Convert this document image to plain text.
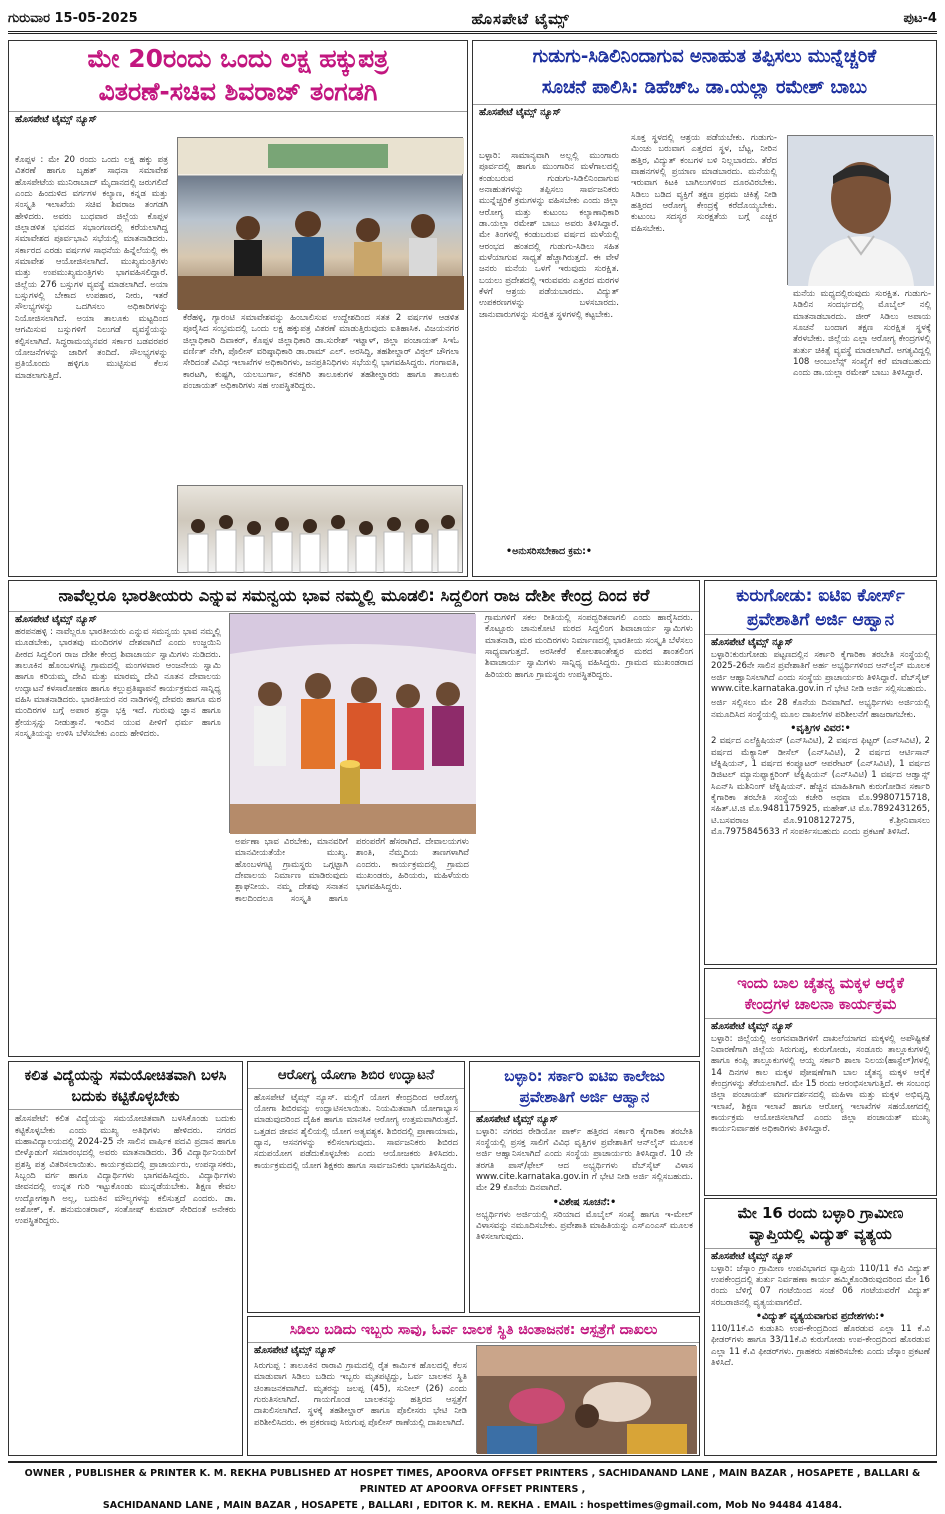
ಗುರುವಾರ 15-05-2025	ಹೊಸಪೇಟೆ ಟೈಮ್ಸ್	ಪುಟ-4
ಮೇ 20ರಂದು ಒಂದು ಲಕ್ಷ ಹಕ್ಕುಪತ್ರ
ವಿತರಣೆ-ಸಚಿವ ಶಿವರಾಜ್ ತಂಗಡಗಿ
ಹೊಸಪೇಟೆ ಟೈಮ್ಸ್ ನ್ಯೂಸ್
ಕೊಪ್ಪಳ : ಮೇ 20 ರಂದು ಒಂದು ಲಕ್ಷ ಹಕ್ಕು ಪತ್ರ ವಿತರಣೆ ಹಾಗೂ ಬೃಹತ್ ಸಾಧನಾ ಸಮಾವೇಶ ಹೊಸಪೇಟೆಯ ಮುನಿರಾಬಾದ್ ಮೈದಾನದಲ್ಲಿ ಜರುಗಲಿದೆ ಎಂದು ಹಿಂದುಳಿದ ವರ್ಗಗಳ ಕಲ್ಯಾಣ, ಕನ್ನಡ ಮತ್ತು ಸಂಸ್ಕೃತಿ ಇಲಾಖೆಯ ಸಚಿವ ಶಿವರಾಜ ತಂಗಡಗಿ ಹೇಳಿದರು. ಅವರು ಬುಧವಾರ ಜಿಲ್ಲೆಯ ಕೊಪ್ಪಳ ಜಿಲ್ಲಾಡಳಿತ ಭವನದ ಸಭಾಂಗಣದಲ್ಲಿ ಕರೆಯಲಾಗಿದ್ದ ಸಮಾವೇಶದ ಪೂರ್ವಭಾವಿ ಸಭೆಯಲ್ಲಿ ಮಾತನಾಡಿದರು. ಸರ್ಕಾರದ ಎರಡು ವರ್ಷಗಳ ಸಾಧನೆಯ ಹಿನ್ನೆಲೆಯಲ್ಲಿ ಈ ಸಮಾವೇಶ ಆಯೋಜಿಸಲಾಗಿದೆ. ಮುಖ್ಯಮಂತ್ರಿಗಳು ಮತ್ತು ಉಪಮುಖ್ಯಮಂತ್ರಿಗಳು ಭಾಗವಹಿಸಲಿದ್ದಾರೆ. ಜಿಲ್ಲೆಯ 276 ಬಸ್ಸುಗಳ ವ್ಯವಸ್ಥೆ ಮಾಡಲಾಗಿದೆ. ಅಯಾ ಬಸ್ಸುಗಳಲ್ಲಿ ಬೇಕಾದ ಉಪಹಾರ, ನೀರು, ಇತರೆ ಸೌಲಭ್ಯಗಳನ್ನು ಒದಗಿಸಲು ಅಧಿಕಾರಿಗಳನ್ನು ನಿಯೋಜಿಸಲಾಗಿದೆ. ಅಯಾ ತಾಲೂಕು ಮಟ್ಟದಿಂದ ಆಗಮಿಸುವ ಬಸ್ಸುಗಳಿಗೆ ನಿಲುಗಡೆ ವ್ಯವಸ್ಥೆಯನ್ನು ಕಲ್ಪಿಸಲಾಗಿದೆ. ಸಿದ್ಧರಾಮಯ್ಯನವರ ಸರ್ಕಾರ ಬಡವರಪರ ಯೋಜನೆಗಳನ್ನು ಜಾರಿಗೆ ತಂದಿದೆ. ಸೌಲಭ್ಯಗಳನ್ನು ಪ್ರತಿಯೊಂದು ಹಳ್ಳಿಗೂ ಮುಟ್ಟಿಸುವ ಕೆಲಸ ಮಾಡಲಾಗುತ್ತಿದೆ.
ಕೆರೆಹಳ್ಳಿ, ಗ್ಯಾರಂಟಿ ಸಮಾವೇಶವನ್ನು ಹಿಂಬಾಲಿಸುವ ಉದ್ದೇಶದಿಂದ ಸತತ 2 ವರ್ಷಗಳ ಆಡಳಿತ ಪೂರೈಸಿದ ಸಂಭ್ರಮದಲ್ಲಿ ಒಂದು ಲಕ್ಷ ಹಕ್ಕುಪತ್ರ ವಿತರಣೆ ಮಾಡುತ್ತಿರುವುದು ಐತಿಹಾಸಿಕ. ವಿಜಯನಗರ ಜಿಲ್ಲಾಧಿಕಾರಿ ದಿವಾಕರ್, ಕೊಪ್ಪಳ ಜಿಲ್ಲಾಧಿಕಾರಿ ಡಾ.ಸುರೇಶ್ ಇಟ್ನಾಳ್, ಜಿಲ್ಲಾ ಪಂಚಾಯತ್ ಸಿಇಓ ವರ್ಣಿತ್ ನೇಗಿ, ಪೊಲೀಸ್ ವರಿಷ್ಠಾಧಿಕಾರಿ ಡಾ.ರಾಮ್ ಎಲ್. ಅರಸಿದ್ದಿ, ತಹಶೀಲ್ದಾರ್ ವಿಠ್ಠಲ್ ಚೌಗಲಾ ಸೇರಿದಂತೆ ವಿವಿಧ ಇಲಾಖೆಗಳ ಅಧಿಕಾರಿಗಳು, ಜನಪ್ರತಿನಿಧಿಗಳು ಸಭೆಯಲ್ಲಿ ಭಾಗವಹಿಸಿದ್ದರು. ಗಂಗಾವತಿ, ಕಾರಟಗಿ, ಕುಷ್ಟಗಿ, ಯಲಬುರ್ಗಾ, ಕನಕಗಿರಿ ತಾಲೂಕುಗಳ ತಹಶೀಲ್ದಾರರು ಹಾಗೂ ತಾಲೂಕು ಪಂಚಾಯತ್ ಅಧಿಕಾರಿಗಳು ಸಹ ಉಪಸ್ಥಿತರಿದ್ದರು.
ಗುಡುಗು-ಸಿಡಿಲಿನಿಂದಾಗುವ ಅನಾಹುತ ತಪ್ಪಿಸಲು ಮುನ್ನೆಚ್ಚರಿಕೆ
ಸೂಚನೆ ಪಾಲಿಸಿ: ಡಿಹೆಚ್‌ಒ ಡಾ.ಯಲ್ಲಾ ರಮೇಶ್ ಬಾಬು
ಹೊಸಪೇಟೆ ಟೈಮ್ಸ್ ನ್ಯೂಸ್
ಬಳ್ಳಾರಿ: ಸಾಮಾನ್ಯವಾಗಿ ಅಲ್ಲಲ್ಲಿ ಮುಂಗಾರು ಪೂರ್ವದಲ್ಲಿ ಹಾಗೂ ಮುಂಗಾರಿನ ಮಳೆಗಾಲದಲ್ಲಿ ಕಂಡುಬರುವ ಗುಡುಗು-ಸಿಡಿಲಿನಿಂದಾಗುವ ಅನಾಹುತಗಳನ್ನು ತಪ್ಪಿಸಲು ಸಾರ್ವಜನಿಕರು ಮುನ್ನೆಚ್ಚರಿಕೆ ಕ್ರಮಗಳನ್ನು ವಹಿಸಬೇಕು ಎಂದು ಜಿಲ್ಲಾ ಆರೋಗ್ಯ ಮತ್ತು ಕುಟುಂಬ ಕಲ್ಯಾಣಾಧಿಕಾರಿ ಡಾ.ಯಲ್ಲಾ ರಮೇಶ್ ಬಾಬು ಅವರು ತಿಳಿಸಿದ್ದಾರೆ. ಮೇ ತಿಂಗಳಲ್ಲಿ ಕಂಡುಬರುವ ವರ್ಷದ ಮಳೆಯಲ್ಲಿ ಆರಂಭದ ಹಂತದಲ್ಲಿ ಗುಡುಗು-ಸಿಡಿಲು ಸಹಿತ ಮಳೆಯಾಗುವ ಸಾಧ್ಯತೆ ಹೆಚ್ಚಾಗಿರುತ್ತದೆ. ಈ ವೇಳೆ ಜನರು ಮನೆಯ ಒಳಗೆ ಇರುವುದು ಸುರಕ್ಷಿತ. ಬಯಲು ಪ್ರದೇಶದಲ್ಲಿ ಇರುವವರು ಎತ್ತರದ ಮರಗಳ ಕೆಳಗೆ ಆಶ್ರಯ ಪಡೆಯಬಾರದು. ವಿದ್ಯುತ್ ಉಪಕರಣಗಳನ್ನು ಬಳಸಬಾರದು. ಜಾನುವಾರುಗಳನ್ನು ಸುರಕ್ಷಿತ ಸ್ಥಳಗಳಲ್ಲಿ ಕಟ್ಟಬೇಕು.
•ಅನುಸರಿಸಬೇಕಾದ ಕ್ರಮ:•
ಸೂಕ್ತ ಸ್ಥಳದಲ್ಲಿ ಆಶ್ರಯ ಪಡೆಯಬೇಕು. ಗುಡುಗು-ಮಿಂಚು ಬರುವಾಗ ಎತ್ತರದ ಸ್ಥಳ, ಬೆಟ್ಟ, ನೀರಿನ ಹತ್ತಿರ, ವಿದ್ಯುತ್ ಕಂಬಗಳ ಬಳಿ ನಿಲ್ಲಬಾರದು. ತೆರೆದ ವಾಹನಗಳಲ್ಲಿ ಪ್ರಯಾಣ ಮಾಡಬಾರದು. ಮನೆಯಲ್ಲಿ ಇರುವಾಗ ಕಿಟಕಿ ಬಾಗಿಲುಗಳಿಂದ ದೂರವಿರಬೇಕು. ಸಿಡಿಲು ಬಡಿದ ವ್ಯಕ್ತಿಗೆ ತಕ್ಷಣ ಪ್ರಥಮ ಚಿಕಿತ್ಸೆ ನೀಡಿ ಹತ್ತಿರದ ಆರೋಗ್ಯ ಕೇಂದ್ರಕ್ಕೆ ಕರೆದೊಯ್ಯಬೇಕು. ಕುಟುಂಬ ಸದಸ್ಯರ ಸುರಕ್ಷತೆಯ ಬಗ್ಗೆ ಎಚ್ಚರ ವಹಿಸಬೇಕು.
ಮನೆಯ ಮಧ್ಯದಲ್ಲಿರುವುದು ಸುರಕ್ಷಿತ. ಗುಡುಗು-ಸಿಡಿಲಿನ ಸಂದರ್ಭದಲ್ಲಿ ಮೊಬೈಲ್ ನಲ್ಲಿ ಮಾತನಾಡಬಾರದು. ಜೀರ್ ಸಿಡಿಲು ಅಪಾಯ ಸೂಚನೆ ಬಂದಾಗ ತಕ್ಷಣ ಸುರಕ್ಷಿತ ಸ್ಥಳಕ್ಕೆ ತೆರಳಬೇಕು. ಜಿಲ್ಲೆಯ ಎಲ್ಲಾ ಆರೋಗ್ಯ ಕೇಂದ್ರಗಳಲ್ಲಿ ತುರ್ತು ಚಿಕಿತ್ಸೆ ವ್ಯವಸ್ಥೆ ಮಾಡಲಾಗಿದೆ. ಅಗತ್ಯವಿದ್ದಲ್ಲಿ 108 ಆಂಬುಲೆನ್ಸ್ ಸಂಖ್ಯೆಗೆ ಕರೆ ಮಾಡಬಹುದು ಎಂದು ಡಾ.ಯಲ್ಲಾ ರಮೇಶ್ ಬಾಬು ತಿಳಿಸಿದ್ದಾರೆ.
ನಾವೆಲ್ಲರೂ ಭಾರತೀಯರು ಎನ್ನುವ ಸಮನ್ವಯ ಭಾವ ನಮ್ಮಲ್ಲಿ ಮೂಡಲಿ: ಸಿದ್ದಲಿಂಗ ರಾಜ ದೇಶೀ ಕೇಂದ್ರ ದಿಂದ ಕರೆ
ಹೊಸಪೇಟೆ ಟೈಮ್ಸ್ ನ್ಯೂಸ್
ಹರಪನಹಳ್ಳಿ : ನಾವೆಲ್ಲರೂ ಭಾರತೀಯರು ಎನ್ನುವ ಸಮನ್ವಯ ಭಾವ ನಮ್ಮಲ್ಲಿ ಮೂಡಬೇಕು, ಭಾರತವು ಮಂದಿರಗಳ ದೇಶವಾಗಿದೆ ಎಂದು ಉಜ್ಜಯಿನಿ ಪೀಠದ ಸಿದ್ದಲಿಂಗ ರಾಜ ದೇಶೀ ಕೇಂದ್ರ ಶಿವಾಚಾರ್ಯ ಸ್ವಾಮಿಗಳು ನುಡಿದರು. ತಾಲೂಕಿನ ಹೊಂಬಳಗಟ್ಟಿ ಗ್ರಾಮದಲ್ಲಿ ಮಂಗಳವಾರ ಆಂಜನೇಯ ಸ್ವಾಮಿ ಹಾಗೂ ಕರಿಯಮ್ಮ ದೇವಿ ಮತ್ತು ಮಾರಮ್ಮ ದೇವಿ ನೂತನ ದೇವಾಲಯ ಉದ್ಘಾಟನೆ ಕಳಸಾರೋಹಣ ಹಾಗೂ ಕಲ್ಲುಪ್ರತಿಷ್ಠಾಪನೆ ಕಾರ್ಯಕ್ರಮದ ಸಾನ್ನಿಧ್ಯ ವಹಿಸಿ ಮಾತನಾಡಿದರು. ಭಾರತೀಯರ ನರ ನಾಡಿಗಳಲ್ಲಿ ದೇವರು ಹಾಗೂ ಮಠ ಮಂದಿರಗಳ ಬಗ್ಗೆ ಅಪಾರ ಶ್ರದ್ಧಾ ಭಕ್ತಿ ಇದೆ. ಗುರುವು ಜ್ಞಾನ ಹಾಗೂ ಶ್ರೇಯಸ್ಸನ್ನು ನೀಡುತ್ತಾನೆ. ಇಂದಿನ ಯುವ ಪೀಳಿಗೆ ಧರ್ಮ ಹಾಗೂ ಸಂಸ್ಕೃತಿಯನ್ನು ಉಳಿಸಿ ಬೆಳೆಸಬೇಕು ಎಂದು ಹೇಳಿದರು.
ಅರ್ಪಣಾ ಭಾವ ವಿರಬೇಕು, ಮಾನವರಿಗೆ ಮಾನವೀಯತೆಯೇ ಮುಖ್ಯ. ಹೊಂಬಳಗಟ್ಟಿ ಗ್ರಾಮಸ್ಥರು ಒಗ್ಗಟ್ಟಾಗಿ ದೇವಾಲಯ ನಿರ್ಮಾಣ ಮಾಡಿರುವುದು ಶ್ಲಾಘನೀಯ. ನಮ್ಮ ದೇಶವು ಸನಾತನ ಕಾಲದಿಂದಲೂ ಸಂಸ್ಕೃತಿ ಹಾಗೂ ಪರಂಪರೆಗೆ ಹೆಸರಾಗಿದೆ. ದೇವಾಲಯಗಳು ಶಾಂತಿ, ನೆಮ್ಮದಿಯ ತಾಣಗಳಾಗಿವೆ ಎಂದರು. ಕಾರ್ಯಕ್ರಮದಲ್ಲಿ ಗ್ರಾಮದ ಮುಖಂಡರು, ಹಿರಿಯರು, ಮಹಿಳೆಯರು ಭಾಗವಹಿಸಿದ್ದರು.
ಗ್ರಾಮಗಳಿಗೆ ಸಕಲ ರೀತಿಯಲ್ಲಿ ಸಂಪದ್ಭರಿತವಾಗಲಿ ಎಂದು ಹಾರೈಸಿದರು. ಕೊಟ್ಟೂರು ಚಾನುಕೋಟಿ ಮಠದ ಸಿದ್ದಲಿಂಗ ಶಿವಾಚಾರ್ಯ ಸ್ವಾಮಿಗಳು ಮಾತನಾಡಿ, ಮಠ ಮಂದಿರಗಳು ನಿರ್ಮಾಣದಲ್ಲಿ ಭಾರತೀಯ ಸಂಸ್ಕೃತಿ ಬೆಳೆಸಲು ಸಾಧ್ಯವಾಗುತ್ತದೆ. ಅರಸೀಕೆರೆ ಕೋಲಶಾಂತೇಶ್ವರ ಮಠದ ಶಾಂತಲಿಂಗ ಶಿವಾಚಾರ್ಯ ಸ್ವಾಮಿಗಳು ಸಾನ್ನಿಧ್ಯ ವಹಿಸಿದ್ದರು. ಗ್ರಾಮದ ಮುಖಂಡರಾದ ಹಿರಿಯರು ಹಾಗೂ ಗ್ರಾಮಸ್ಥರು ಉಪಸ್ಥಿತರಿದ್ದರು.
ಕುರುಗೋಡು: ಐಟಿಐ ಕೋರ್ಸ್
ಪ್ರವೇಶಾತಿಗೆ ಅರ್ಜಿ ಆಹ್ವಾನ
ಹೊಸಪೇಟೆ ಟೈಮ್ಸ್ ನ್ಯೂಸ್
ಬಳ್ಳಾರಿ:ಕುರುಗೋಡು ಪಟ್ಟಣದಲ್ಲಿನ ಸರ್ಕಾರಿ ಕೈಗಾರಿಕಾ ತರಬೇತಿ ಸಂಸ್ಥೆಯಲ್ಲಿ 2025-26ನೇ ಸಾಲಿನ ಪ್ರವೇಶಾತಿಗೆ ಅರ್ಹ ಅಭ್ಯರ್ಥಿಗಳಿಂದ ಆನ್‌ಲೈನ್ ಮೂಲಕ ಅರ್ಜಿ ಆಹ್ವಾನಿಸಲಾಗಿದೆ ಎಂದು ಸಂಸ್ಥೆಯ ಪ್ರಾಚಾರ್ಯರು ತಿಳಿಸಿದ್ದಾರೆ. ವೆಬ್‌ಸೈಟ್ www.cite.karnataka.gov.in ಗೆ ಭೇಟಿ ನೀಡಿ ಅರ್ಜಿ ಸಲ್ಲಿಸಬಹುದು.
ಅರ್ಜಿ ಸಲ್ಲಿಸಲು ಮೇ 28 ಕೊನೆಯ ದಿನವಾಗಿದೆ. ಅಭ್ಯರ್ಥಿಗಳು ಅರ್ಜಿಯಲ್ಲಿ ನಮೂದಿಸಿದ ಸಂಸ್ಥೆಯಲ್ಲಿ ಮೂಲ ದಾಖಲೆಗಳ ಪರಿಶೀಲನೆಗೆ ಹಾಜರಾಗಬೇಕು.
•ವೃತ್ತಿಗಳ ವಿವರ:•
2 ವರ್ಷದ ಎಲೆಕ್ಟ್ರಿಷಿಯನ್ (ಎನ್‌ಸಿವಿಟಿ), 2 ವರ್ಷದ ಫಿಟ್ಟರ್ (ಎನ್‌ಸಿವಿಟಿ), 2 ವರ್ಷದ ಮೆಕ್ಯಾನಿಕ್ ಡೀಸೆಲ್ (ಎನ್‌ಸಿವಿಟಿ), 2 ವರ್ಷದ ಆರ್ಟಿಸಾನ್ ಟೆಕ್ನಿಷಿಯನ್, 1 ವರ್ಷದ ಕಂಪ್ಯೂಟರ್ ಆಪರೇಟರ್ (ಎನ್‌ಸಿವಿಟಿ), 1 ವರ್ಷದ ಡಿಜಿಟಲ್ ಮ್ಯಾನುಫ್ಯಾಕ್ಚರಿಂಗ್ ಟೆಕ್ನಿಷಿಯನ್ (ಎನ್‌ಸಿವಿಟಿ) 1 ವರ್ಷದ ಆಡ್ವಾನ್ಸ್ ಸಿಎನ್‌ಸಿ ಮಶಿನಿಂಗ್ ಟೆಕ್ನಿಷಿಯನ್. ಹೆಚ್ಚಿನ ಮಾಹಿತಿಗಾಗಿ ಕುರುಗೋಡಿನ ಸರ್ಕಾರಿ ಕೈಗಾರಿಕಾ ತರಬೇತಿ ಸಂಸ್ಥೆಯ ಕಚೇರಿ ಅಥವಾ ಮೊ.9980715718, ಸಹಿತ್.ಟಿ.ಜಿ ಮೊ.9481175925, ಮಹೇಶ್.ಟಿ ಮೊ.7892431265, ಟಿ.ಬಸವರಾಜ ಮೊ.9108127275, ಕೆ.ಶ್ರೀನಿವಾಸಲು ಮೊ.7975845633 ಗೆ ಸಂಪರ್ಕಿಸಬಹುದು ಎಂದು ಪ್ರಕಟಣೆ ತಿಳಿಸಿದೆ.
ಇಂದು ಬಾಲ ಚೈತನ್ಯ ಮಕ್ಕಳ ಆರೈಕೆ
ಕೇಂದ್ರಗಳ ಚಾಲನಾ ಕಾರ್ಯಕ್ರಮ
ಹೊಸಪೇಟೆ ಟೈಮ್ಸ್ ನ್ಯೂಸ್
ಬಳ್ಳಾರಿ: ಜಿಲ್ಲೆಯಲ್ಲಿ ಅಂಗನವಾಡಿಗಳಿಗೆ ದಾಖಲೆಯಾಗದ ಮಕ್ಕಳಲ್ಲಿ ಅಪೌಷ್ಟಿಕತೆ ನಿವಾರಣೆಗಾಗಿ ಜಿಲ್ಲೆಯ ಸಿರುಗುಪ್ಪ, ಕುರುಗೋಡು, ಸಂಡೂರು ತಾಲ್ಲೂಕುಗಳಲ್ಲಿ ಹಾಗೂ ಕಂಪ್ಲಿ ತಾಲ್ಲೂಕುಗಳಲ್ಲಿ ಆಯ್ದ ಸರ್ಕಾರಿ ಶಾಲಾ ನಿಲಯ(ಹಾಸ್ಟೆಲ್)ಗಳಲ್ಲಿ 14 ದಿನಗಳ ಕಾಲ ಮಕ್ಕಳ ಪೋಷಣೆಗಾಗಿ ಬಾಲ ಚೈತನ್ಯ ಮಕ್ಕಳ ಆರೈಕೆ ಕೇಂದ್ರಗಳನ್ನು ತೆರೆಯಲಾಗಿದೆ. ಮೇ 15 ರಂದು ಆರಂಭಿಸಲಾಗುತ್ತಿದೆ. ಈ ಸಂಬಂಧ ಜಿಲ್ಲಾ ಪಂಚಾಯತ್ ಮಾರ್ಗದರ್ಶನದಲ್ಲಿ ಮಹಿಳಾ ಮತ್ತು ಮಕ್ಕಳ ಅಭಿವೃದ್ಧಿ ಇಲಾಖೆ, ಶಿಕ್ಷಣ ಇಲಾಖೆ ಹಾಗೂ ಆರೋಗ್ಯ ಇಲಾಖೆಗಳ ಸಹಯೋಗದಲ್ಲಿ ಕಾರ್ಯಕ್ರಮ ಆಯೋಜಿಸಲಾಗಿದೆ ಎಂದು ಜಿಲ್ಲಾ ಪಂಚಾಯತ್ ಮುಖ್ಯ ಕಾರ್ಯನಿರ್ವಾಹಕ ಅಧಿಕಾರಿಗಳು ತಿಳಿಸಿದ್ದಾರೆ.
ಮೇ 16 ರಂದು ಬಳ್ಳಾರಿ ಗ್ರಾಮೀಣ
ವ್ಯಾಪ್ತಿಯಲ್ಲಿ ವಿದ್ಯುತ್ ವ್ಯತ್ಯಯ
ಹೊಸಪೇಟೆ ಟೈಮ್ಸ್ ನ್ಯೂಸ್
ಬಳ್ಳಾರಿ: ಜೆಸ್ಕಾಂ ಗ್ರಾಮೀಣ ಉಪವಿಭಾಗದ ವ್ಯಾಪ್ತಿಯ 110/11 ಕೆವಿ ವಿದ್ಯುತ್ ಉಪಕೇಂದ್ರದಲ್ಲಿ ತುರ್ತು ನಿರ್ವಹಣಾ ಕಾರ್ಯ ಹಮ್ಮಿಕೊಂಡಿರುವುದರಿಂದ ಮೇ 16 ರಂದು ಬೆಳಿಗ್ಗೆ 07 ಗಂಟೆಯಿಂದ ಸಂಜೆ 06 ಗಂಟೆಯವರೆಗೆ ವಿದ್ಯುತ್ ಸರಬರಾಜಿನಲ್ಲಿ ವ್ಯತ್ಯಯವಾಗಲಿದೆ.
•ವಿದ್ಯುತ್ ವ್ಯತ್ಯಯವಾಗುವ ಪ್ರದೇಶಗಳು:•
110/11ಕೆ.ವಿ ಕುಡುತಿನಿ ಉಪ-ಕೇಂದ್ರದಿಂದ ಹೊರಡುವ ಎಲ್ಲಾ 11 ಕೆ.ವಿ ಫೀಡರ್‌ಗಳು ಹಾಗೂ 33/11ಕೆ.ವಿ ಕುರುಗೋಡು ಉಪ-ಕೇಂದ್ರದಿಂದ ಹೊರಡುವ ಎಲ್ಲಾ 11 ಕೆ.ವಿ ಫೀಡರ್‌ಗಳು. ಗ್ರಾಹಕರು ಸಹಕರಿಸಬೇಕು ಎಂದು ಜೆಸ್ಕಾಂ ಪ್ರಕಟಣೆ ತಿಳಿಸಿದೆ.
ಕಲಿತ ವಿದ್ಯೆಯನ್ನು ಸಮಯೋಚಿತವಾಗಿ ಬಳಸಿ
ಬದುಕು ಕಟ್ಟಿಕೊಳ್ಳಬೇಕು
ಹೊಸಪೇಟೆ: ಕಲಿತ ವಿದ್ಯೆಯನ್ನು ಸಮಯೋಚಿತವಾಗಿ ಬಳಸಿಕೊಂಡು ಬದುಕು ಕಟ್ಟಿಕೊಳ್ಳಬೇಕು ಎಂದು ಮುಖ್ಯ ಅತಿಥಿಗಳು ಹೇಳಿದರು. ನಗರದ ಮಹಾವಿದ್ಯಾಲಯದಲ್ಲಿ 2024-25 ನೇ ಸಾಲಿನ ವಾರ್ಷಿಕ ಪದವಿ ಪ್ರದಾನ ಹಾಗೂ ಬೀಳ್ಕೊಡುಗೆ ಸಮಾರಂಭದಲ್ಲಿ ಅವರು ಮಾತನಾಡಿದರು. 36 ವಿದ್ಯಾರ್ಥಿನಿಯರಿಗೆ ಪ್ರಶಸ್ತಿ ಪತ್ರ ವಿತರಿಸಲಾಯಿತು. ಕಾರ್ಯಕ್ರಮದಲ್ಲಿ ಪ್ರಾಚಾರ್ಯರು, ಉಪನ್ಯಾಸಕರು, ಸಿಬ್ಬಂದಿ ವರ್ಗ ಹಾಗೂ ವಿದ್ಯಾರ್ಥಿಗಳು ಭಾಗವಹಿಸಿದ್ದರು. ವಿದ್ಯಾರ್ಥಿಗಳು ಜೀವನದಲ್ಲಿ ಉನ್ನತ ಗುರಿ ಇಟ್ಟುಕೊಂಡು ಮುನ್ನಡೆಯಬೇಕು. ಶಿಕ್ಷಣ ಕೇವಲ ಉದ್ಯೋಗಕ್ಕಾಗಿ ಅಲ್ಲ, ಬದುಕಿನ ಮೌಲ್ಯಗಳನ್ನು ಕಲಿಸುತ್ತದೆ ಎಂದರು. ಡಾ. ಅಶೋಕ್, ಕೆ. ಹನುಮಂತರಾವ್, ಸಂತೋಷ್ ಕುಮಾರ್ ಸೇರಿದಂತೆ ಅನೇಕರು ಉಪಸ್ಥಿತರಿದ್ದರು.
ಆರೋಗ್ಯ ಯೋಗಾ ಶಿಬಿರ ಉದ್ಘಾಟನೆ
ಹೊಸಪೇಟೆ ಟೈಮ್ಸ್ ನ್ಯೂಸ್. ಮಲ್ಲಿಗೆ ಯೋಗ ಕೇಂದ್ರದಿಂದ ಆರೋಗ್ಯ ಯೋಗಾ ಶಿಬಿರವನ್ನು ಉದ್ಘಾಟಿಸಲಾಯಿತು. ನಿಯಮಿತವಾಗಿ ಯೋಗಾಭ್ಯಾಸ ಮಾಡುವುದರಿಂದ ದೈಹಿಕ ಹಾಗೂ ಮಾನಸಿಕ ಆರೋಗ್ಯ ಉತ್ತಮವಾಗಿರುತ್ತದೆ. ಒತ್ತಡದ ಜೀವನ ಶೈಲಿಯಲ್ಲಿ ಯೋಗ ಅತ್ಯವಶ್ಯಕ. ಶಿಬಿರದಲ್ಲಿ ಪ್ರಾಣಾಯಾಮ, ಧ್ಯಾನ, ಆಸನಗಳನ್ನು ಕಲಿಸಲಾಗುವುದು. ಸಾರ್ವಜನಿಕರು ಶಿಬಿರದ ಸದುಪಯೋಗ ಪಡೆದುಕೊಳ್ಳಬೇಕು ಎಂದು ಆಯೋಜಕರು ತಿಳಿಸಿದರು. ಕಾರ್ಯಕ್ರಮದಲ್ಲಿ ಯೋಗ ಶಿಕ್ಷಕರು ಹಾಗೂ ಸಾರ್ವಜನಿಕರು ಭಾಗವಹಿಸಿದ್ದರು.
ಬಳ್ಳಾರಿ: ಸರ್ಕಾರಿ ಐಟಿಐ ಕಾಲೇಜು
ಪ್ರವೇಶಾತಿಗೆ ಅರ್ಜಿ ಆಹ್ವಾನ
ಹೊಸಪೇಟೆ ಟೈಮ್ಸ್ ನ್ಯೂಸ್
ಬಳ್ಳಾರಿ: ನಗರದ ರೇಡಿಯೋ ಪಾರ್ಕ್ ಹತ್ತಿರದ ಸರ್ಕಾರಿ ಕೈಗಾರಿಕಾ ತರಬೇತಿ ಸಂಸ್ಥೆಯಲ್ಲಿ ಪ್ರಸಕ್ತ ಸಾಲಿಗೆ ವಿವಿಧ ವೃತ್ತಿಗಳ ಪ್ರವೇಶಾತಿಗೆ ಆನ್‌ಲೈನ್ ಮೂಲಕ ಅರ್ಜಿ ಆಹ್ವಾನಿಸಲಾಗಿದೆ ಎಂದು ಸಂಸ್ಥೆಯ ಪ್ರಾಚಾರ್ಯರು ತಿಳಿಸಿದ್ದಾರೆ. 10 ನೇ ತರಗತಿ ಪಾಸ್/ಫೇಲ್ ಆದ ಅಭ್ಯರ್ಥಿಗಳು ವೆಬ್‌ಸೈಟ್ ವಿಳಾಸ www.cite.karnataka.gov.in ಗೆ ಭೇಟಿ ನೀಡಿ ಅರ್ಜಿ ಸಲ್ಲಿಸಬಹುದು. ಮೇ 29 ಕೊನೆಯ ದಿನವಾಗಿದೆ.
•ವಿಶೇಷ ಸೂಚನೆ:•
ಅಭ್ಯರ್ಥಿಗಳು ಅರ್ಜಿಯಲ್ಲಿ ಸರಿಯಾದ ಮೊಬೈಲ್ ಸಂಖ್ಯೆ ಹಾಗೂ ಇ-ಮೇಲ್ ವಿಳಾಸವನ್ನು ನಮೂದಿಸಬೇಕು. ಪ್ರವೇಶಾತಿ ಮಾಹಿತಿಯನ್ನು ಎಸ್‌ಎಂಎಸ್ ಮೂಲಕ ತಿಳಿಸಲಾಗುವುದು.
ಸಿಡಿಲು ಬಡಿದು ಇಬ್ಬರು ಸಾವು, ಓರ್ವ ಬಾಲಕ ಸ್ಥಿತಿ ಚಿಂತಾಜನಕ: ಆಸ್ಪತ್ರೆಗೆ ದಾಖಲು
ಹೊಸಪೇಟೆ ಟೈಮ್ಸ್ ನ್ಯೂಸ್
ಸಿರುಗುಪ್ಪ : ತಾಲೂಕಿನ ರಾರಾವಿ ಗ್ರಾಮದಲ್ಲಿ ರೈತ ಕಾರ್ಮಿಕ ಹೊಲದಲ್ಲಿ ಕೆಲಸ ಮಾಡುವಾಗ ಸಿಡಿಲು ಬಡಿದು ಇಬ್ಬರು ಮೃತಪಟ್ಟಿದ್ದು, ಓರ್ವ ಬಾಲಕನ ಸ್ಥಿತಿ ಚಿಂತಾಜನಕವಾಗಿದೆ. ಮೃತರನ್ನು ಜಲಪ್ಪ (45), ಸುನೀಲ್ (26) ಎಂದು ಗುರುತಿಸಲಾಗಿದೆ. ಗಾಯಗೊಂಡ ಬಾಲಕನನ್ನು ಹತ್ತಿರದ ಆಸ್ಪತ್ರೆಗೆ ದಾಖಲಿಸಲಾಗಿದೆ. ಸ್ಥಳಕ್ಕೆ ತಹಶೀಲ್ದಾರ್ ಹಾಗೂ ಪೊಲೀಸರು ಭೇಟಿ ನೀಡಿ ಪರಿಶೀಲಿಸಿದರು. ಈ ಪ್ರಕರಣವು ಸಿರುಗುಪ್ಪ ಪೊಲೀಸ್ ಠಾಣೆಯಲ್ಲಿ ದಾಖಲಾಗಿದೆ.
OWNER , PUBLISHER & PRINTER K. M. REKHA PUBLISHED AT HOSPET TIMES, APOORVA OFFSET PRINTERS , SACHIDANAND LANE , MAIN BAZAR , HOSAPETE , BALLARI & PRINTED AT APOORVA OFFSET PRINTERS ,
SACHIDANAND LANE , MAIN BAZAR , HOSAPETE , BALLARI , EDITOR K. M. REKHA . EMAIL : hospettimes@gmail.com, Mob No 94484 41484.
